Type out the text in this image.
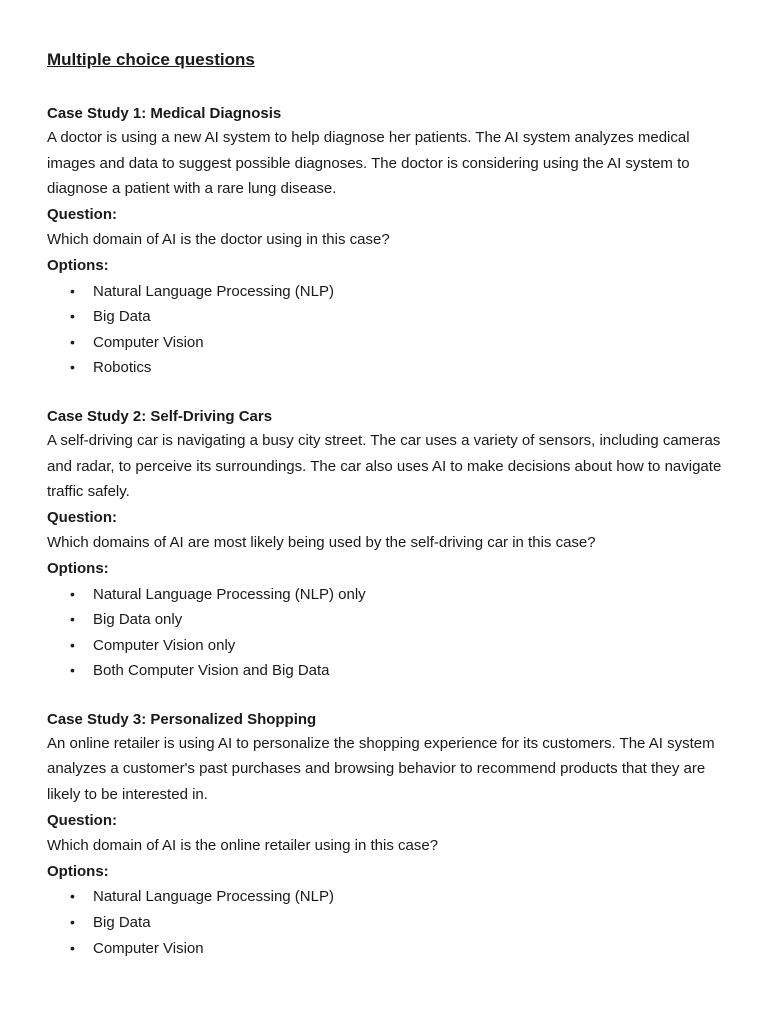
Multiple choice questions
Case Study 1: Medical Diagnosis

A doctor is using a new AI system to help diagnose her patients. The AI system analyzes medical images and data to suggest possible diagnoses. The doctor is considering using the AI system to diagnose a patient with a rare lung disease.

Question:

Which domain of AI is the doctor using in this case?

Options:

• Natural Language Processing (NLP)
• Big Data
• Computer Vision
• Robotics
Case Study 2: Self-Driving Cars

A self-driving car is navigating a busy city street. The car uses a variety of sensors, including cameras and radar, to perceive its surroundings. The car also uses AI to make decisions about how to navigate traffic safely.

Question:

Which domains of AI are most likely being used by the self-driving car in this case?

Options:

• Natural Language Processing (NLP) only
• Big Data only
• Computer Vision only
• Both Computer Vision and Big Data
Case Study 3: Personalized Shopping

An online retailer is using AI to personalize the shopping experience for its customers. The AI system analyzes a customer's past purchases and browsing behavior to recommend products that they are likely to be interested in.

Question:

Which domain of AI is the online retailer using in this case?

Options:

• Natural Language Processing (NLP)
• Big Data
• Computer Vision
